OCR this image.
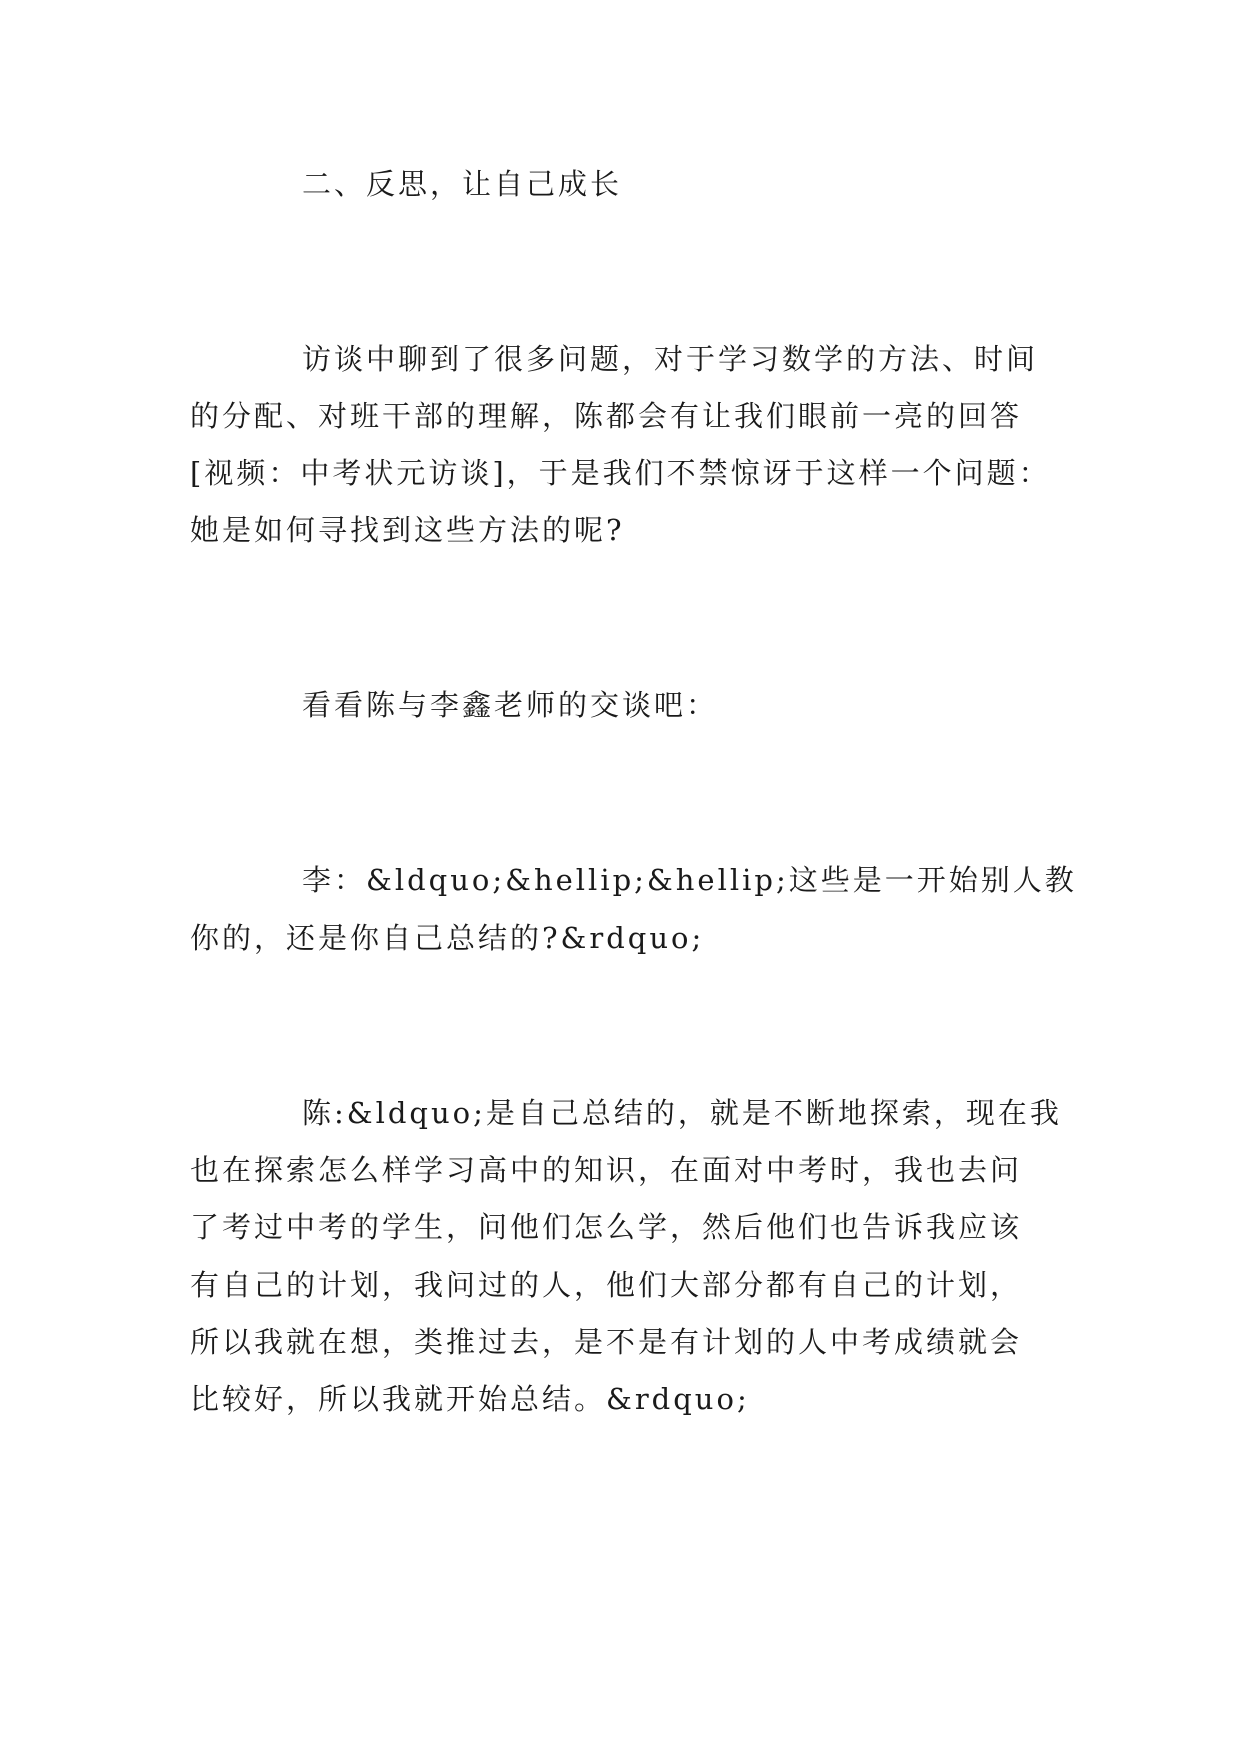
二、反思，让自己成长

访谈中聊到了很多问题，对于学习数学的方法、时间

的分配、对班干部的理解，陈都会有让我们眼前一亮的回答

[视频：中考状元访谈]，于是我们不禁惊讶于这样一个问题：

她是如何寻找到这些方法的呢?

看看陈与李鑫老师的交谈吧：

李：&ldquo;&hellip;&hellip;这些是一开始别人教

你的，还是你自己总结的?&rdquo;

陈:&ldquo;是自己总结的，就是不断地探索，现在我

也在探索怎么样学习高中的知识，在面对中考时，我也去问

了考过中考的学生，问他们怎么学，然后他们也告诉我应该

有自己的计划，我问过的人，他们大部分都有自己的计划，

所以我就在想，类推过去，是不是有计划的人中考成绩就会

比较好，所以我就开始总结。&rdquo;
